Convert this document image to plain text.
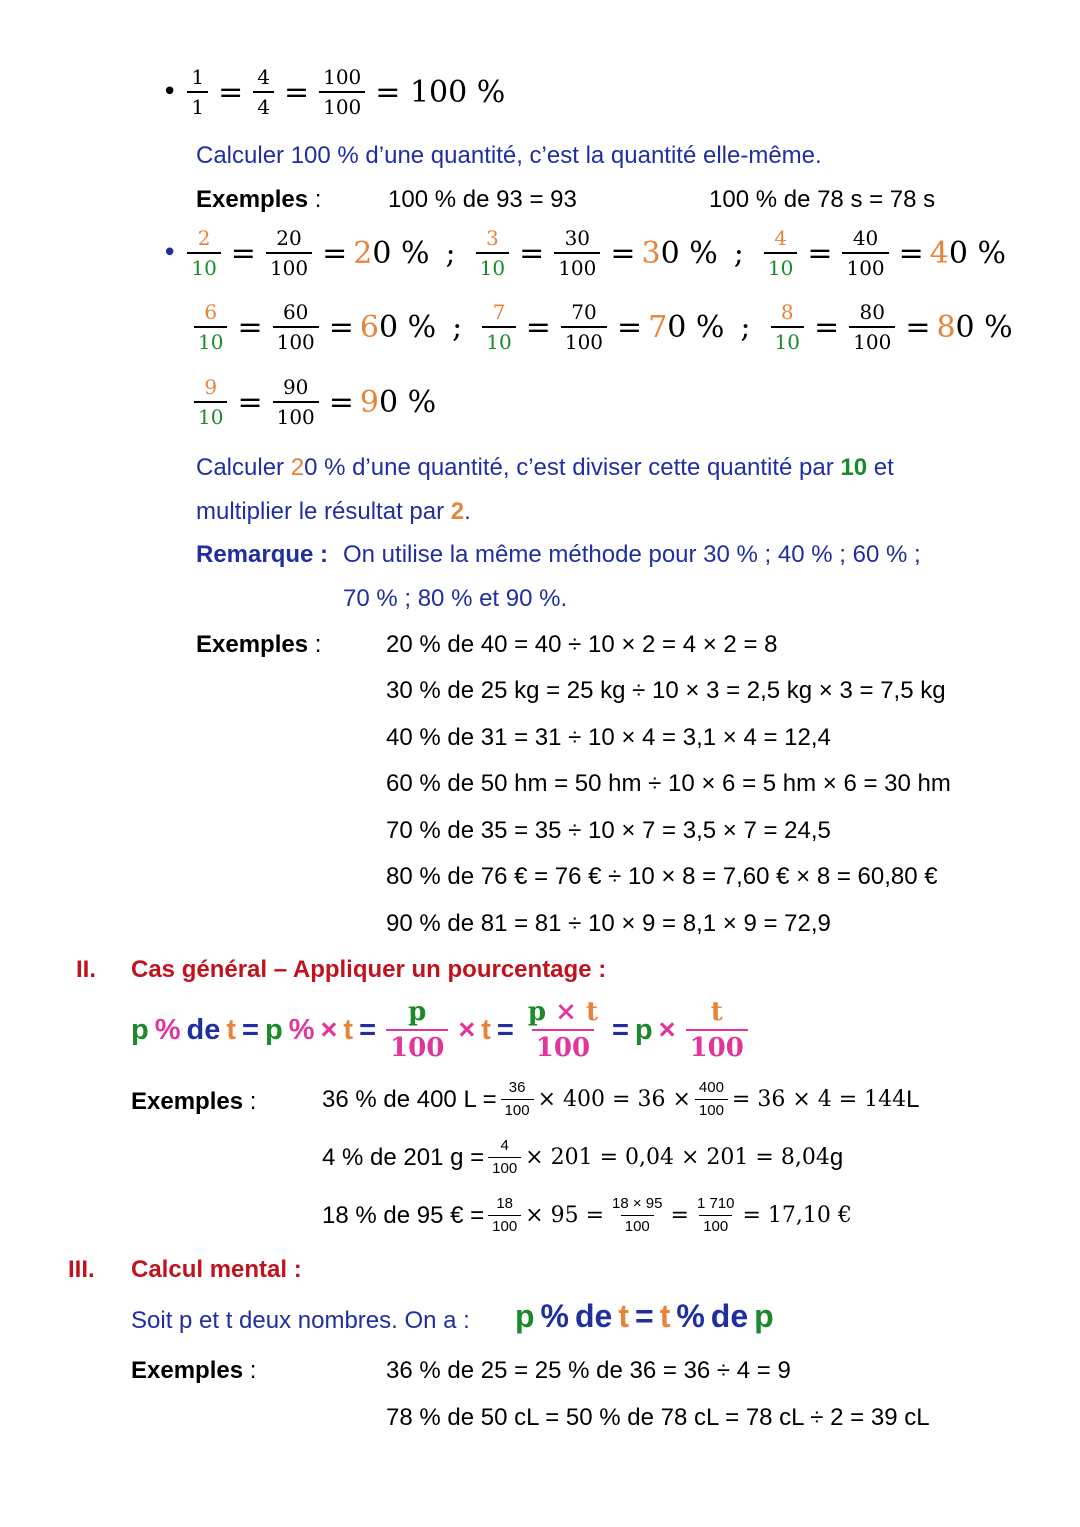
• $\frac{1}{1} = \frac{4}{4} = \frac{100}{100} = 100$ %
Calculer 100 % d’une quantité, c’est la quantité elle-même.
Exemples :	100 % de 93 = 93	100 % de 78 s = 78 s
• $\frac{2}{10} = \frac{20}{100} = 20$ % ; $\frac{3}{10} = \frac{30}{100} = 30$ % ; $\frac{4}{10} = \frac{40}{100} = 40$ %
$\frac{6}{10} = \frac{60}{100} = 60$ % ; $\frac{7}{10} = \frac{70}{100} = 70$ % ; $\frac{8}{10} = \frac{80}{100} = 80$ %
$\frac{9}{10} = \frac{90}{100} = 90$ %
Calculer 20 % d’une quantité, c’est diviser cette quantité par 10 et
multiplier le résultat par 2.
Remarque : On utilise la même méthode pour 30 % ; 40 % ; 60 % ;
70 % ; 80 % et 90 %.
Exemples :	20 % de 40 = 40 ÷ 10 × 2 = 4 × 2 = 8
30 % de 25 kg = 25 kg ÷ 10 × 3 = 2,5 kg × 3 = 7,5 kg
40 % de 31 = 31 ÷ 10 × 4 = 3,1 × 4 = 12,4
60 % de 50 hm = 50 hm ÷ 10 × 6 = 5 hm × 6 = 30 hm
70 % de 35 = 35 ÷ 10 × 7 = 3,5 × 7 = 24,5
80 % de 76 € = 76 € ÷ 10 × 8 = 7,60 € × 8 = 60,80 €
90 % de 81 = 81 ÷ 10 × 9 = 8,1 × 9 = 72,9
II. Cas général – Appliquer un pourcentage :
p % de t = p % × $t = \frac{p}{100} \times t = \frac{p \times t}{100} = p \times \frac{t}{100}$
Exemples :	36 % de 400 $L = \frac{36}{100} \times 400 = 36 \times \frac{400}{100} = 36 \times 4 = 144$ L
4 % de 201 $g = \frac{4}{100} \times 201 = 0,04 \times 201 = 8,04$ g
18 % de 95 € = $\frac{18}{100} \times 95 = \frac{18 \times 95}{100} = \frac{1 710}{100} = 17,10$ €
III. Calcul mental :
Soit p et t deux nombres. On a : p % de t = t % de p
Exemples :	36 % de 25 = 25 % de 36 = 36 ÷ 4 = 9
78 % de 50 cL = 50 % de 78 cL = 78 cL ÷ 2 = 39 cL
